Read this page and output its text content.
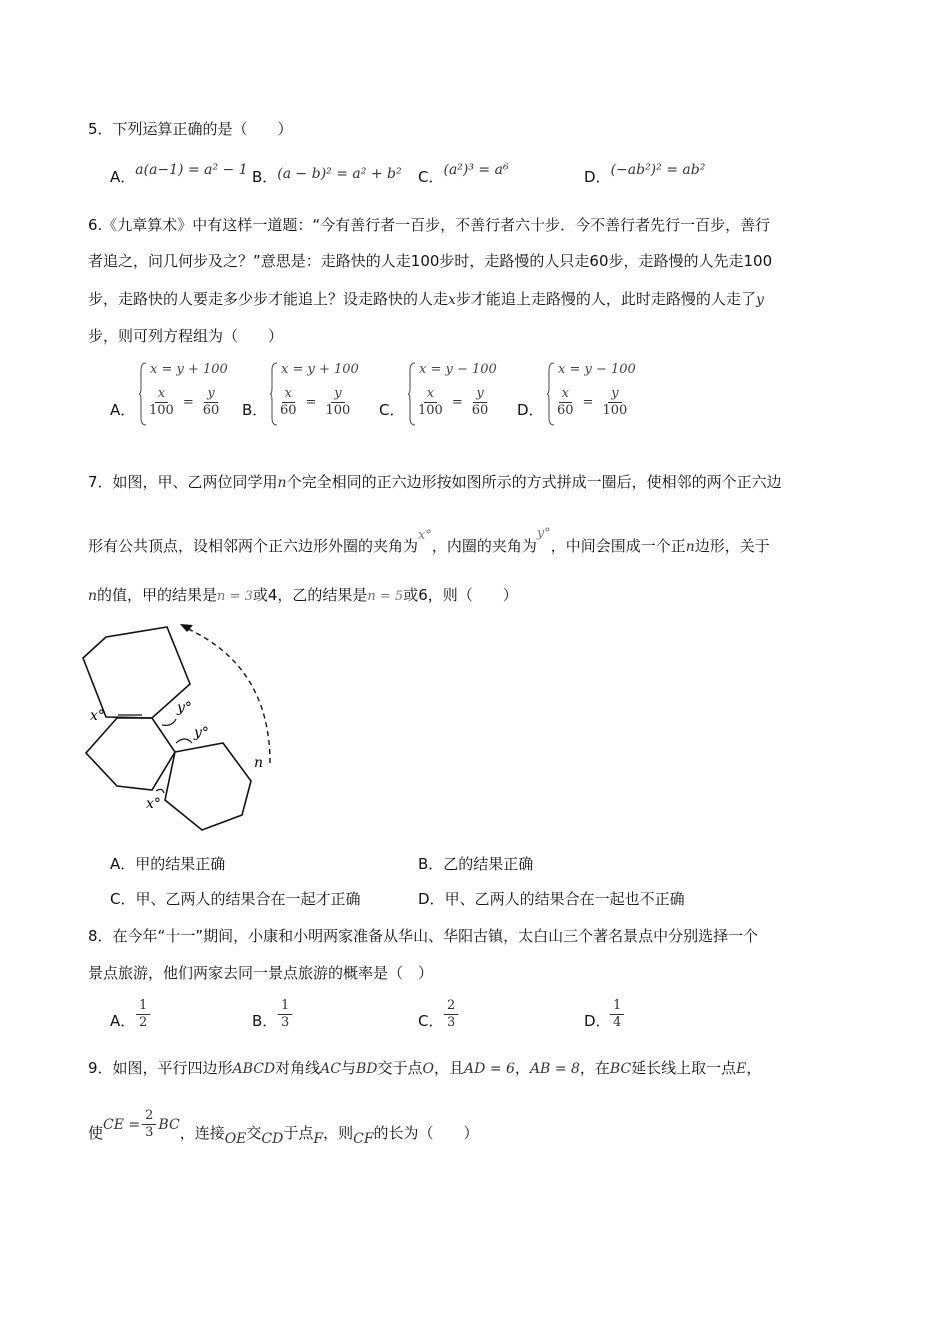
5．下列运算正确的是（　　）
A．a(a−1) = a² − 1 B．(a − b)² = a² + b² C．(a²)³ = a⁶	D．(−ab²)² = ab²
6.《九章算术》中有这样一道题：“今有善行者一百步，不善行者六十步．今不善行者先行一百步，善行
者追之，问几何步及之？”意思是：走路快的人走100步时，走路慢的人只走60步，走路慢的人先走100
步，走路快的人要走多少步才能追上？设走路快的人走x步才能追上走路慢的人，此时走路慢的人走了y
步，则可列方程组为（　　）
A．
x = y + 100
$\frac{x}{100} = \frac{y}{60}$ B．
x = y + 100
$\frac{x}{60} = \frac{y}{100}$ C．
x = y − 100
$\frac{x}{100} = \frac{y}{60}$ D．
x = y − 100
$\frac{x}{60} = \frac{y}{100}$
7．如图，甲、乙两位同学用n个完全相同的正六边形按如图所示的方式拼成一圈后，使相邻的两个正六边
形有公共顶点，设相邻两个正六边形外圈的夹角为x°，内圈的夹角为y°，中间会围成一个正n边形，关于
n的值，甲的结果是n = 3或4，乙的结果是n = 5或6，则（　　）
x°
x°
y°
y°
n
A．甲的结果正确	B．乙的结果正确
C．甲、乙两人的结果合在一起才正确	D．甲、乙两人的结果合在一起也不正确
8．在今年“十一”期间，小康和小明两家准备从华山、华阳古镇，太白山三个著名景点中分别选择一个
景点旅游，他们两家去同一景点旅游的概率是（　）
A． $\frac{1}{2}$	B． $\frac{1}{3}$	C． $\frac{2}{3}$	D． $\frac{1}{4}$
9．如图，平行四边形ABCD对角线AC与BD交于点O，且AD = 6，AB = 8，在BC延长线上取一点E，
使 CE = $\frac{2}{3}$ BC ，连接 OE 交 CD 于点 F ，则 CF 的长为（　　）
